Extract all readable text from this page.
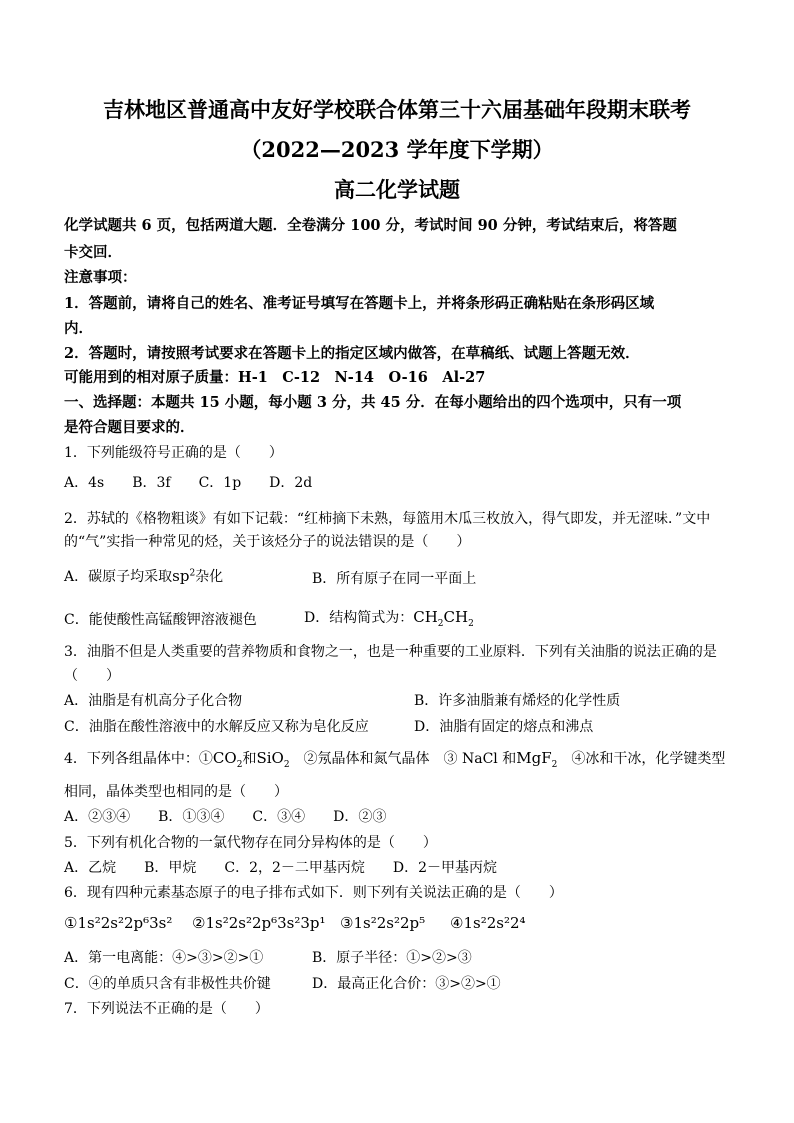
吉林地区普通高中友好学校联合体第三十六届基础年段期末联考
（2022—2023 学年度下学期）
高二化学试题
化学试题共 6 页，包括两道大题．全卷满分 100 分，考试时间 90 分钟，考试结束后，将答题
卡交回．
注意事项：
1．答题前，请将自己的姓名、准考证号填写在答题卡上，并将条形码正确粘贴在条形码区域
内．
2．答题时，请按照考试要求在答题卡上的指定区域内做答，在草稿纸、试题上答题无效．
可能用到的相对原子质量：H-1　C-12　N-14　O-16　Al-27
一、选择题：本题共 15 小题，每小题 3 分，共 45 分．在每小题给出的四个选项中，只有一项
是符合题目要求的．
1．下列能级符号正确的是（　　）
A．4s　　B．3f　　C．1p　　D．2d
2．苏轼的《格物粗谈》有如下记载：“红柿摘下未熟，每篮用木瓜三枚放入，得气即发，并无涩味．”文中
的“气”实指一种常见的烃，关于该烃分子的说法错误的是（　　）
A．碳原子均采取$sp^2$杂化	B．所有原子在同一平面上
C．能使酸性高锰酸钾溶液褪色	D．结构简式为：$CH_2CH_2$
3．油脂不但是人类重要的营养物质和食物之一，也是一种重要的工业原料．下列有关油脂的说法正确的是
（　　）
A．油脂是有机高分子化合物	B．许多油脂兼有烯烃的化学性质
C．油脂在酸性溶液中的水解反应又称为皂化反应	D．油脂有固定的熔点和沸点
4．下列各组晶体中：$①CO_2$和SiO$_2$　②氖晶体和氮气晶体　③ NaCl 和MgF$_2$　④冰和干冰，化学键类型
相同，晶体类型也相同的是（　　）
A．②③④　　B．①③④　　C．③④　　D．②③
5．下列有机化合物的一氯代物存在同分异构体的是（　　）
A．乙烷　　B．甲烷　　C．2，2－二甲基丙烷　　D．2－甲基丙烷
6．现有四种元素基态原子的电子排布式如下．则下列有关说法正确的是（　　）
①1s²2s²2p⁶3s² ②1s²2s²2p⁶3s²3p¹ ③1s²2s²2p⁵ ④1s²2s²2⁴
A．第一电离能：④>③>②>①	B．原子半径：①>②>③
C．④的单质只含有非极性共价键	D．最高正化合价：③>②>①
7．下列说法不正确的是（　　）
